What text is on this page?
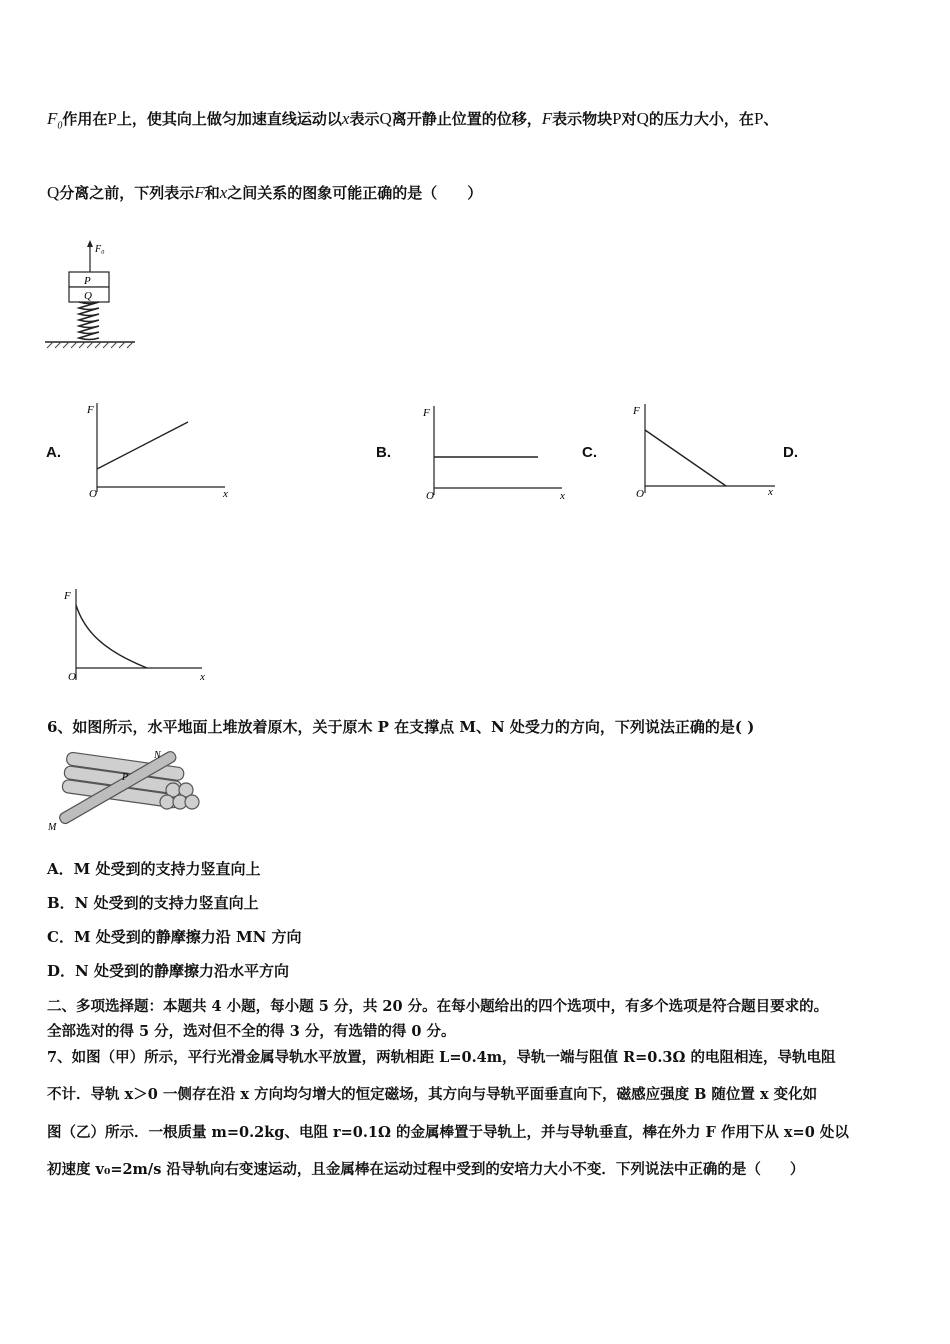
$F_0$作用在P上，使其向上做匀加速直线运动以x表示Q离开静止位置的位移，F表示物块P对Q的压力大小，在P、
Q分离之前，下列表示F和x之间关系的图象可能正确的是（　　）
F₀
P
Q
A.	B.	C.	D.
F
O	x
F
O	x
F
O	x
F
O	x
6、如图所示，水平地面上堆放着原木，关于原木 P 在支撑点 M、N 处受力的方向，下列说法正确的是( )
N
P
M
A．M 处受到的支持力竖直向上
B．N 处受到的支持力竖直向上
C．M 处受到的静摩擦力沿 MN 方向
D．N 处受到的静摩擦力沿水平方向
二、多项选择题：本题共 4 小题，每小题 5 分，共 20 分。在每小题给出的四个选项中，有多个选项是符合题目要求的。
全部选对的得 5 分，选对但不全的得 3 分，有选错的得 0 分。
7、如图（甲）所示，平行光滑金属导轨水平放置，两轨相距 L=0.4m，导轨一端与阻值 R=0.3Ω 的电阻相连，导轨电阻
不计．导轨 x＞0 一侧存在沿 x 方向均匀增大的恒定磁场，其方向与导轨平面垂直向下，磁感应强度 B 随位置 x 变化如
图（乙）所示．一根质量 m=0.2kg、电阻 r=0.1Ω 的金属棒置于导轨上，并与导轨垂直，棒在外力 F 作用下从 x=0 处以
初速度 v₀=2m/s 沿导轨向右变速运动，且金属棒在运动过程中受到的安培力大小不变．下列说法中正确的是（　　）
